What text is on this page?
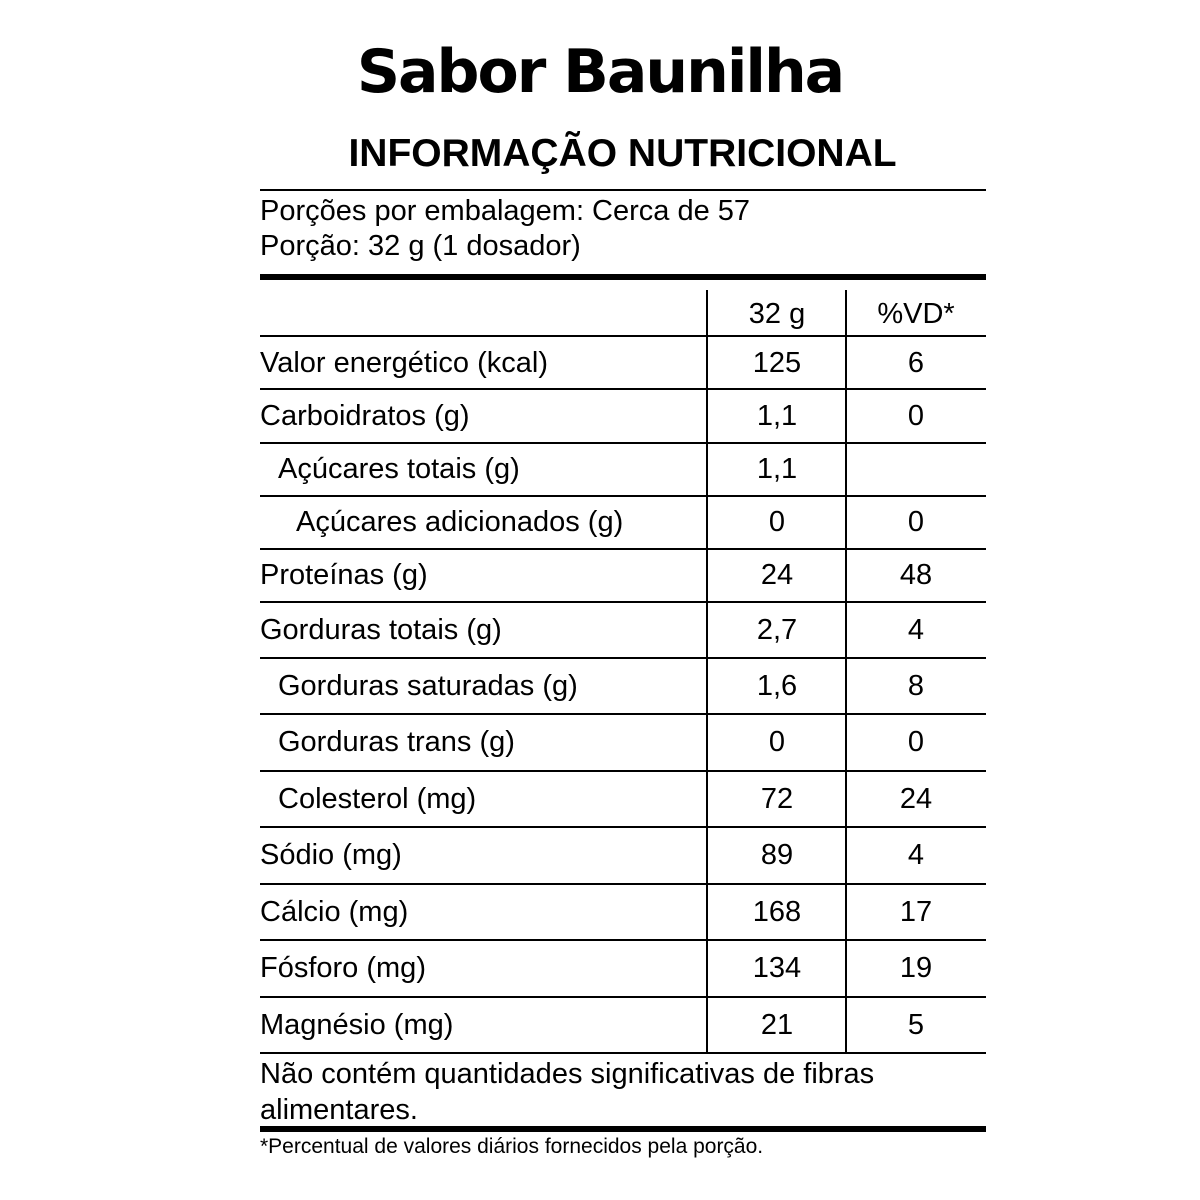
Sabor Baunilha
INFORMAÇÃO NUTRICIONAL
Porções por embalagem: Cerca de 57
Porção: 32 g (1 dosador)
32 g	%VD*
Valor energético (kcal)	125	6
Carboidratos (g)	1,1	0
Açúcares totais (g)	1,1
Açúcares adicionados (g)	0	0
Proteínas (g)	24	48
Gorduras totais (g)	2,7	4
Gorduras saturadas (g)	1,6	8
Gorduras trans (g)	0	0
Colesterol (mg)	72	24
Sódio (mg)	89	4
Cálcio (mg)	168	17
Fósforo (mg)	134	19
Magnésio (mg)	21	5
Não contém quantidades significativas de fibras alimentares.
*Percentual de valores diários fornecidos pela porção.
